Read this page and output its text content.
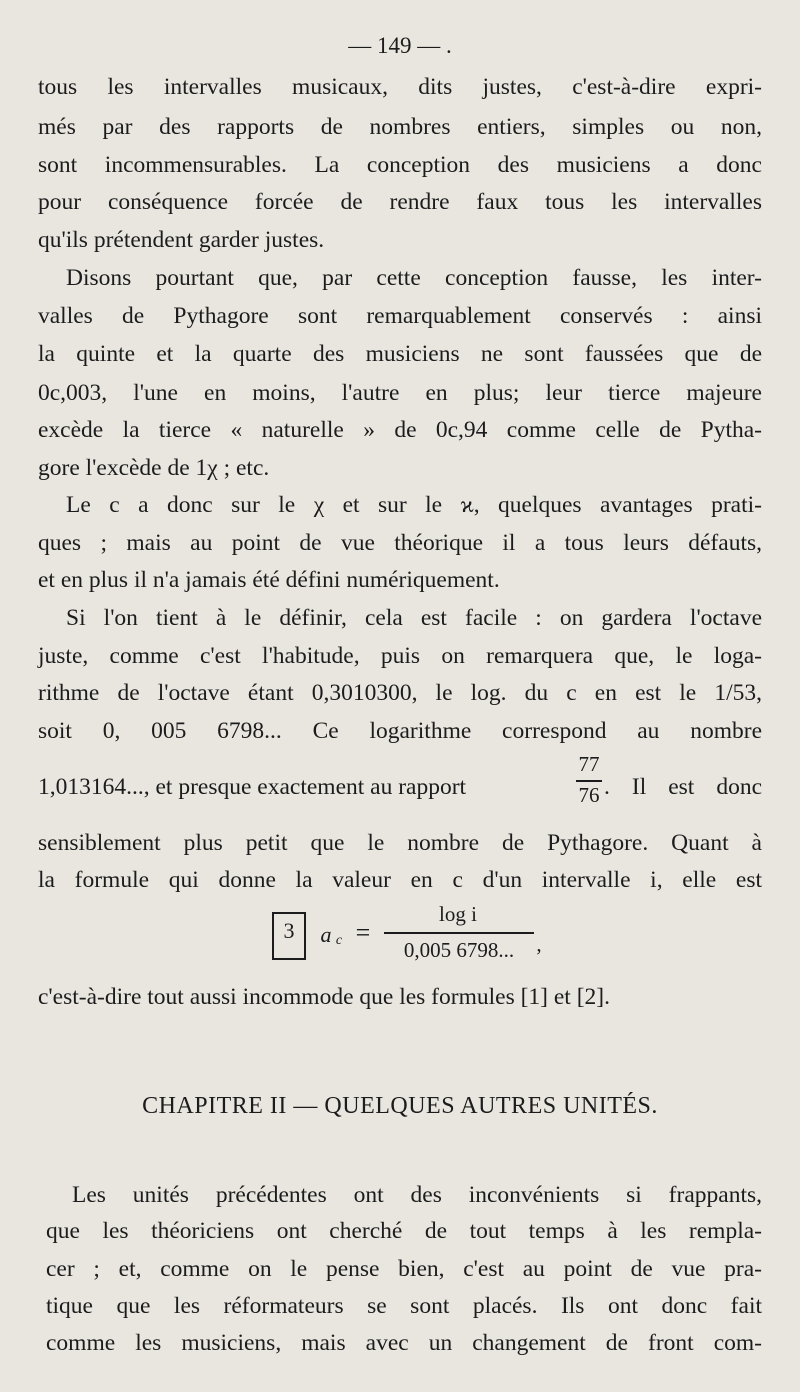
— 149 — .
tous les intervalles musicaux, dits justes, c'est-à-dire expri-
més par des rapports de nombres entiers, simples ou non,
sont incommensurables. La conception des musiciens a donc
pour conséquence forcée de rendre faux tous les intervalles
qu'ils prétendent garder justes.
Disons pourtant que, par cette conception fausse, les inter-
valles de Pythagore sont remarquablement conservés : ainsi
la quinte et la quarte des musiciens ne sont faussées que de
0c,003, l'une en moins, l'autre en plus; leur tierce majeure
excède la tierce « naturelle » de 0c,94 comme celle de Pytha-
gore l'excède de 1χ ; etc.
Le c a donc sur le χ et sur le ϰ, quelques avantages prati-
ques ; mais au point de vue théorique il a tous leurs défauts,
et en plus il n'a jamais été défini numériquement.
Si l'on tient à le définir, cela est facile : on gardera l'octave
juste, comme c'est l'habitude, puis on remarquera que, le loga-
rithme de l'octave étant 0,3010300, le log. du c en est le 1/53,
soit 0, 005 6798... Ce logarithme correspond au nombre
1,013164..., et presque exactement au rapport
77
76 . Il est donc
sensiblement plus petit que le nombre de Pythagore. Quant à
la formule qui donne la valeur en c d'un intervalle i, elle est
3	a c =
log i
0,005 6798...	,
c'est-à-dire tout aussi incommode que les formules [1] et [2].
CHAPITRE II — QUELQUES AUTRES UNITÉS.
Les unités précédentes ont des inconvénients si frappants,
que les théoriciens ont cherché de tout temps à les rempla-
cer ; et, comme on le pense bien, c'est au point de vue pra-
tique que les réformateurs se sont placés. Ils ont donc fait
comme les musiciens, mais avec un changement de front com-
